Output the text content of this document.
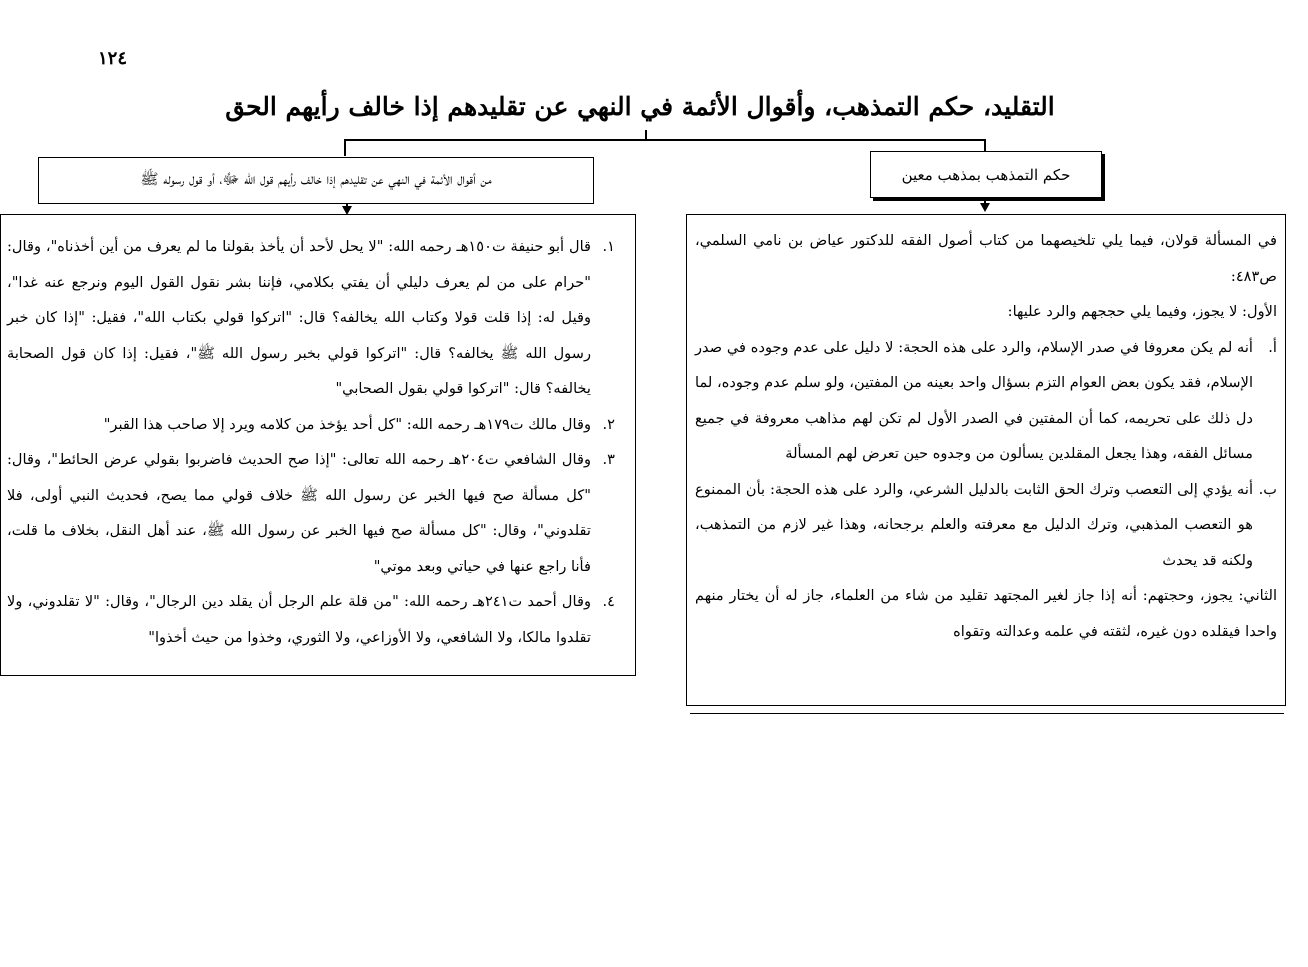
١٢٤
التقليد، حكم التمذهب، وأقوال الأئمة في النهي عن تقليدهم إذا خالف رأيهم الحق
من أقوال الأئمة في النهي عن تقليدهم إذا خالف رأيهم قول الله ﷻ، أو قول رسوله ﷺ	حكم التمذهب بمذهب معين
١.
قال أبو حنيفة ت١٥٠هـ رحمه الله: "لا يحل لأحد أن يأخذ بقولنا ما لم يعرف من أين أخذناه"، وقال: "حرام على من لم يعرف دليلي أن يفتي بكلامي، فإننا بشر نقول القول اليوم ونرجع عنه غدا"، وقيل له: إذا قلت قولا وكتاب الله يخالفه؟ قال: "اتركوا قولي بكتاب الله"، فقيل: "إذا كان خبر رسول الله ﷺ يخالفه؟ قال: "اتركوا قولي بخبر رسول الله ﷺ"، فقيل: إذا كان قول الصحابة يخالفه؟ قال: "اتركوا قولي بقول الصحابي"
٢.
وقال مالك ت١٧٩هـ رحمه الله: "كل أحد يؤخذ من كلامه ويرد إلا صاحب هذا القبر"
٣.
وقال الشافعي ت٢٠٤هـ رحمه الله تعالى: "إذا صح الحديث فاضربوا بقولي عرض الحائط"، وقال: "كل مسألة صح فيها الخبر عن رسول الله ﷺ خلاف قولي مما يصح، فحديث النبي أولى، فلا تقلدوني"، وقال: "كل مسألة صح فيها الخبر عن رسول الله ﷺ، عند أهل النقل، بخلاف ما قلت، فأنا راجع عنها في حياتي وبعد موتي"
٤.
وقال أحمد ت٢٤١هـ رحمه الله: "من قلة علم الرجل أن يقلد دين الرجال"، وقال: "لا تقلدوني، ولا تقلدوا مالكا، ولا الشافعي، ولا الأوزاعي، ولا الثوري، وخذوا من حيث أخذوا"

في المسألة قولان، فيما يلي تلخيصهما من كتاب أصول الفقه للدكتور عياض بن نامي السلمي، ص٤٨٣:

الأول: لا يجوز، وفيما يلي حججهم والرد عليها:

أ.
أنه لم يكن معروفا في صدر الإسلام، والرد على هذه الحجة: لا دليل على عدم وجوده في صدر الإسلام، فقد يكون بعض العوام التزم بسؤال واحد بعينه من المفتين، ولو سلم عدم وجوده، لما دل ذلك على تحريمه، كما أن المفتين في الصدر الأول لم تكن لهم مذاهب معروفة في جميع مسائل الفقه، وهذا يجعل المقلدين يسألون من وجدوه حين تعرض لهم المسألة
ب.
أنه يؤدي إلى التعصب وترك الحق الثابت بالدليل الشرعي، والرد على هذه الحجة: بأن الممنوع هو التعصب المذهبي، وترك الدليل مع معرفته والعلم برجحانه، وهذا غير لازم من التمذهب، ولكنه قد يحدث

الثاني: يجوز، وحجتهم: أنه إذا جاز لغير المجتهد تقليد من شاء من العلماء، جاز له أن يختار منهم واحدا فيقلده دون غيره، لثقته في علمه وعدالته وتقواه
